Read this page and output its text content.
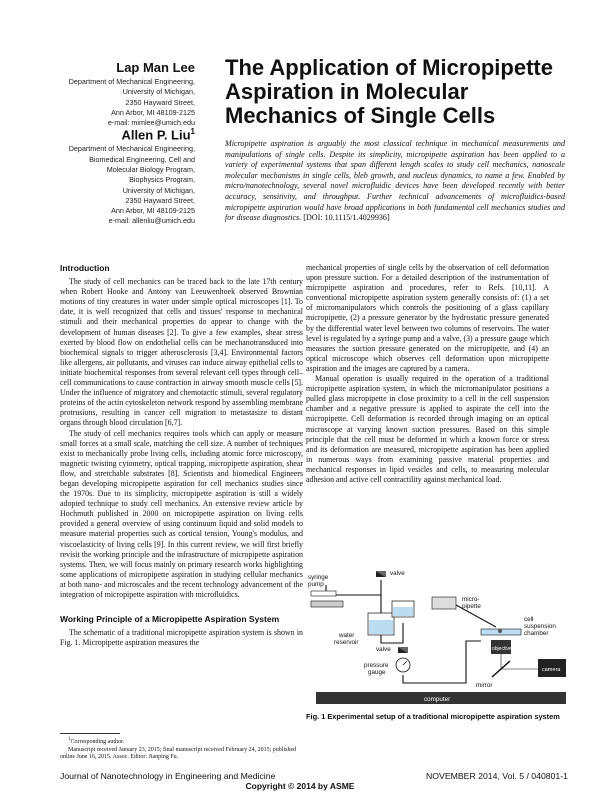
Lap Man Lee
Department of Mechanical Engineering,
University of Michigan,
2350 Hayward Street,
Ann Arbor, MI 48109-2125
e-mail: mimlee@umich.edu
Allen P. Liu$^1$
Department of Mechanical Engineering,
Biomedical Engineering, Cell and
Molecular Biology Program,
Biophysics Program,
University of Michigan,
2350 Hayward Street,
Ann Arbor, MI 48109-2125
e-mail: allenliu@umich.edu
The Application of Micropipette
Aspiration in Molecular
Mechanics of Single Cells
Micropipette aspiration is arguably the most classical technique in mechanical measurements and manipulations of single cells. Despite its simplicity, micropipette aspiration has been applied to a variety of experimental systems that span different length scales to study cell mechanics, nanoscale molecular mechanisms in single cells, bleb growth, and nucleus dynamics, to name a few. Enabled by micro/nanotechnology, several novel microfluidic devices have been developed recently with better accuracy, sensitivity, and throughput. Further technical advancements of microfluidics-based micropipette aspiration would have broad applications in both fundamental cell mechanics studies and for disease diagnostics. [DOI: 10.1115/1.4029936]
Introduction

The study of cell mechanics can be traced back to the late 17th century when Robert Hooke and Antony van Leeuwenhoek observed Brownian motions of tiny creatures in water under simple optical microscopes [1]. To date, it is well recognized that cells and tissues' response to mechanical stimuli and their mechanical properties do appear to change with the development of human diseases [2]. To give a few examples, shear stress exerted by blood flow on endothelial cells can be mechanotransduced into biochemical signals to trigger atherosclerosis [3,4]. Environmental factors like allergens, air pollutants, and viruses can induce airway epithelial cells to initiate biochemical responses from several relevant cell types through cell–cell communications to cause contraction in airway smooth muscle cells [5]. Under the influence of migratory and chemotactic stimuli, several regulatory proteins of the actin cytoskeleton network respond by assembling membrane protrusions, resulting in cancer cell migration to metastasize to distant organs through blood circulation [6,7].

The study of cell mechanics requires tools which can apply or measure small forces at a small scale, matching the cell size. A number of techniques exist to mechanically probe living cells, including atomic force microscopy, magnetic twisting cytometry, optical trapping, micropipette aspiration, shear flow, and stretchable substrates [8]. Scientists and biomedical Engineers began developing micropipette aspiration for cell mechanics studies since the 1970s. Due to its simplicity, micropipette aspiration is still a widely adopted technique to study cell mechanics. An extensive review article by Hochmuth published in 2000 on micropipette aspiration on living cells provided a general overview of using continuum liquid and solid models to measure material properties such as cortical tension, Young's modulus, and viscoelasticity of living cells [9]. In this current review, we will first briefly revisit the working principle and the infrastructure of micropipette aspiration systems. Then, we will focus mainly on primary research works highlighting some applications of micropipette aspiration in studying cellular mechanics at both nano- and microscales and the recent technology advancement of the integration of micropipette aspiration with microfluidics.

Working Principle of a Micropipette Aspiration System

The schematic of a traditional micropipette aspiration system is shown in Fig. 1. Micropipette aspiration measures the

mechanical properties of single cells by the observation of cell deformation upon pressure suction. For a detailed description of the instrumentation of micropipette aspiration and procedures, refer to Refs. [10,11]. A conventional micropipette aspiration system generally consists of: (1) a set of micromanipulators which controls the positioning of a glass capillary micropipette, (2) a pressure generator by the hydrostatic pressure generated by the differential water level between two columns of reservoirs. The water level is regulated by a syringe pump and a valve, (3) a pressure gauge which measures the suction pressure generated on the micropipette, and (4) an optical microscope which observes cell deformation upon micropipette aspiration and the images are captured by a camera.

Manual operation is usually required in the operation of a traditional micropipette aspiration system, in which the micromanipulator positions a pulled glass micropipette in close proximity to a cell in the cell suspension chamber and a negative pressure is applied to aspirate the cell into the micropipette. Cell deformation is recorded through imaging on an optical microscope at varying known suction pressures. Based on this simple principle that the cell must be deformed in which a known force or stress and its deformation are measured, micropipette aspiration has been applied in numerous ways from examining passive material properties and mechanical responses in lipid vesicles and cells, to measuring molecular adhesion and active cell contractility against mechanical load.

valve
syringe
pump
water
reservoir
valve
pressure
gauge
micro-
pipette
cell
suspension
chamber
objective
mirror
camera
computer
Fig. 1 Experimental setup of a traditional micropipette aspiration system

$^1$Corresponding author.

Manuscript received January 23, 2015; final manuscript received February 24, 2015; published online June 16, 2015. Assoc. Editor: Jianping Fu.

Journal of Nanotechnology in Engineering and Medicine	NOVEMBER 2014, Vol. 5 / 040801-1
Copyright © 2014 by ASME
